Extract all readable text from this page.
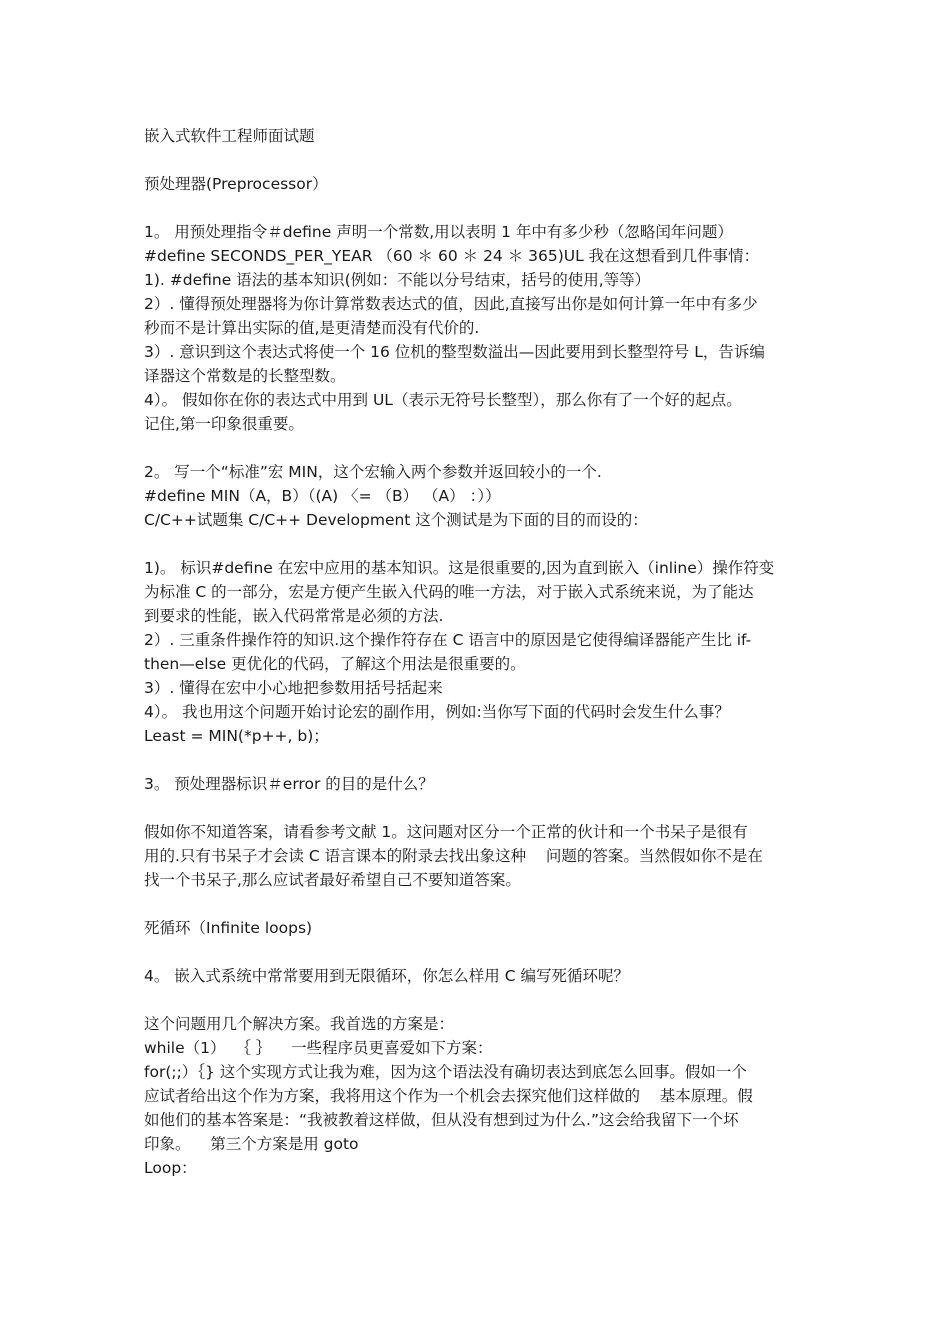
嵌入式软件工程师面试题

预处理器(Preprocessor）

1。 用预处理指令＃define 声明一个常数,用以表明 1 年中有多少秒（忽略闰年问题）
#define SECONDS_PER_YEAR （60 ＊ 60 ＊ 24 ＊ 365)UL 我在这想看到几件事情：
1). #define 语法的基本知识(例如：不能以分号结束，括号的使用,等等）
2）. 懂得预处理器将为你计算常数表达式的值，因此,直接写出你是如何计算一年中有多少
秒而不是计算出实际的值,是更清楚而没有代价的.
3）. 意识到这个表达式将使一个 16 位机的整型数溢出—因此要用到长整型符号 L，告诉编
译器这个常数是的长整型数。
4）。 假如你在你的表达式中用到 UL（表示无符号长整型），那么你有了一个好的起点。
记住,第一印象很重要。
2。 写一个“标准”宏 MIN，这个宏输入两个参数并返回较小的一个.
#define MIN（A，B）（(A) 〈= （B） （A） ：））
C/C++试题集 C/C++ Development 这个测试是为下面的目的而设的：
1)。 标识#define 在宏中应用的基本知识。这是很重要的,因为直到嵌入（inline）操作符变
为标准 C 的一部分，宏是方便产生嵌入代码的唯一方法，对于嵌入式系统来说，为了能达
到要求的性能，嵌入代码常常是必须的方法.
2）. 三重条件操作符的知识.这个操作符存在 C 语言中的原因是它使得编译器能产生比 if-
then—else 更优化的代码，了解这个用法是很重要的。
3）. 懂得在宏中小心地把参数用括号括起来
4）。 我也用这个问题开始讨论宏的副作用，例如:当你写下面的代码时会发生什么事？
Least = MIN(*p++, b)；

3。 预处理器标识＃error 的目的是什么？

假如你不知道答案，请看参考文献 1。这问题对区分一个正常的伙计和一个书呆子是很有
用的.只有书呆子才会读 C 语言课本的附录去找出象这种    问题的答案。当然假如你不是在
找一个书呆子,那么应试者最好希望自己不要知道答案。

死循环（Infinite loops)

4。 嵌入式系统中常常要用到无限循环，你怎么样用 C 编写死循环呢？

这个问题用几个解决方案。我首选的方案是：
while（1）  ｛ ｝    一些程序员更喜爱如下方案：
for(;;）｛} 这个实现方式让我为难，因为这个语法没有确切表达到底怎么回事。假如一个
应试者给出这个作为方案，我将用这个作为一个机会去探究他们这样做的    基本原理。假
如他们的基本答案是：“我被教着这样做，但从没有想到过为什么.”这会给我留下一个坏
印象。    第三个方案是用 goto
Loop：
